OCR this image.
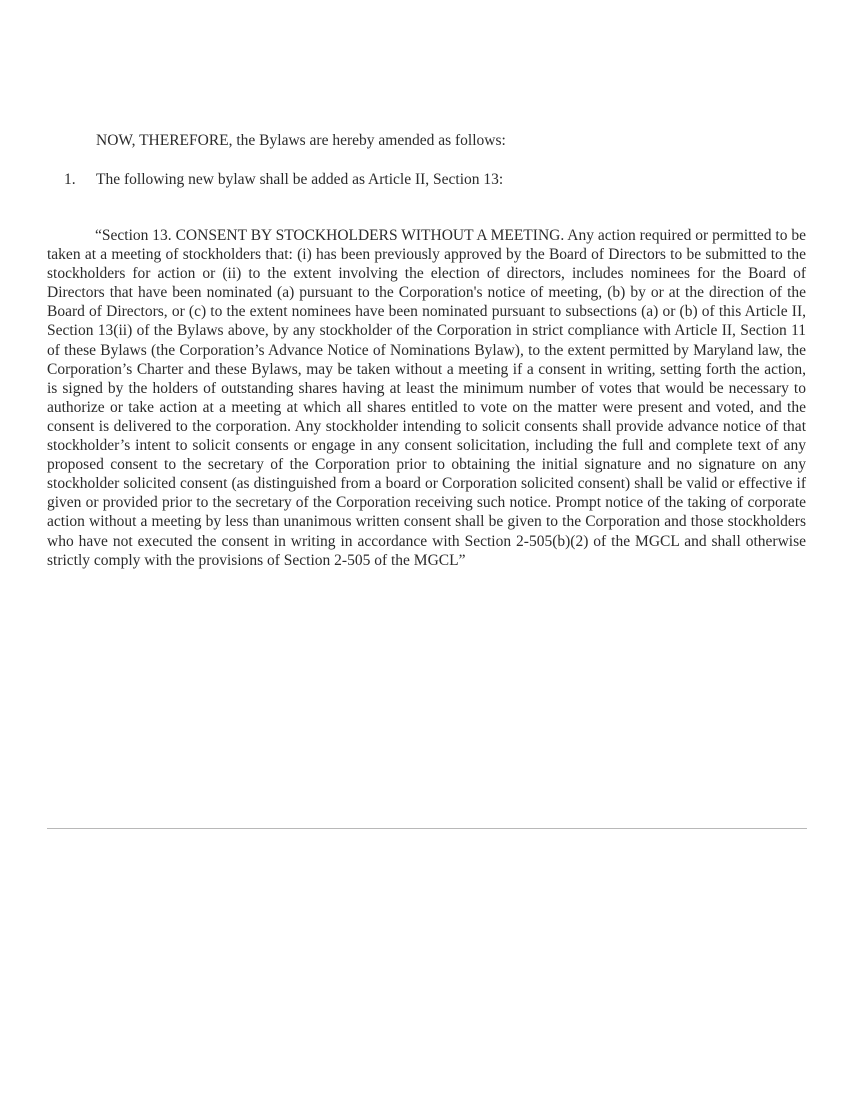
NOW, THEREFORE, the Bylaws are hereby amended as follows:
1. The following new bylaw shall be added as Article II, Section 13:

“Section 13. CONSENT BY STOCKHOLDERS WITHOUT A MEETING. Any action required or permitted to be taken at a meeting of stockholders that: (i) has been previously approved by the Board of Directors to be submitted to the stockholders for action or (ii) to the extent involving the election of directors, includes nominees for the Board of Directors that have been nominated (a) pursuant to the Corporation's notice of meeting, (b) by or at the direction of the Board of Directors, or (c) to the extent nominees have been nominated pursuant to subsections (a) or (b) of this Article II, Section 13(ii) of the Bylaws above, by any stockholder of the Corporation in strict compliance with Article II, Section 11 of these Bylaws (the Corporation’s Advance Notice of Nominations Bylaw), to the extent permitted by Maryland law, the Corporation’s Charter and these Bylaws, may be taken without a meeting if a consent in writing, setting forth the action, is signed by the holders of outstanding shares having at least the minimum number of votes that would be necessary to authorize or take action at a meeting at which all shares entitled to vote on the matter were present and voted, and the consent is delivered to the corporation. Any stockholder intending to solicit consents shall provide advance notice of that stockholder’s intent to solicit consents or engage in any consent solicitation, including the full and complete text of any proposed consent to the secretary of the Corporation prior to obtaining the initial signature and no signature on any stockholder solicited consent (as distinguished from a board or Corporation solicited consent) shall be valid or effective if given or provided prior to the secretary of the Corporation receiving such notice. Prompt notice of the taking of corporate action without a meeting by less than unanimous written consent shall be given to the Corporation and those stockholders who have not executed the consent in writing in accordance with Section 2-505(b)(2) of the MGCL and shall otherwise strictly comply with the provisions of Section 2-505 of the MGCL”
